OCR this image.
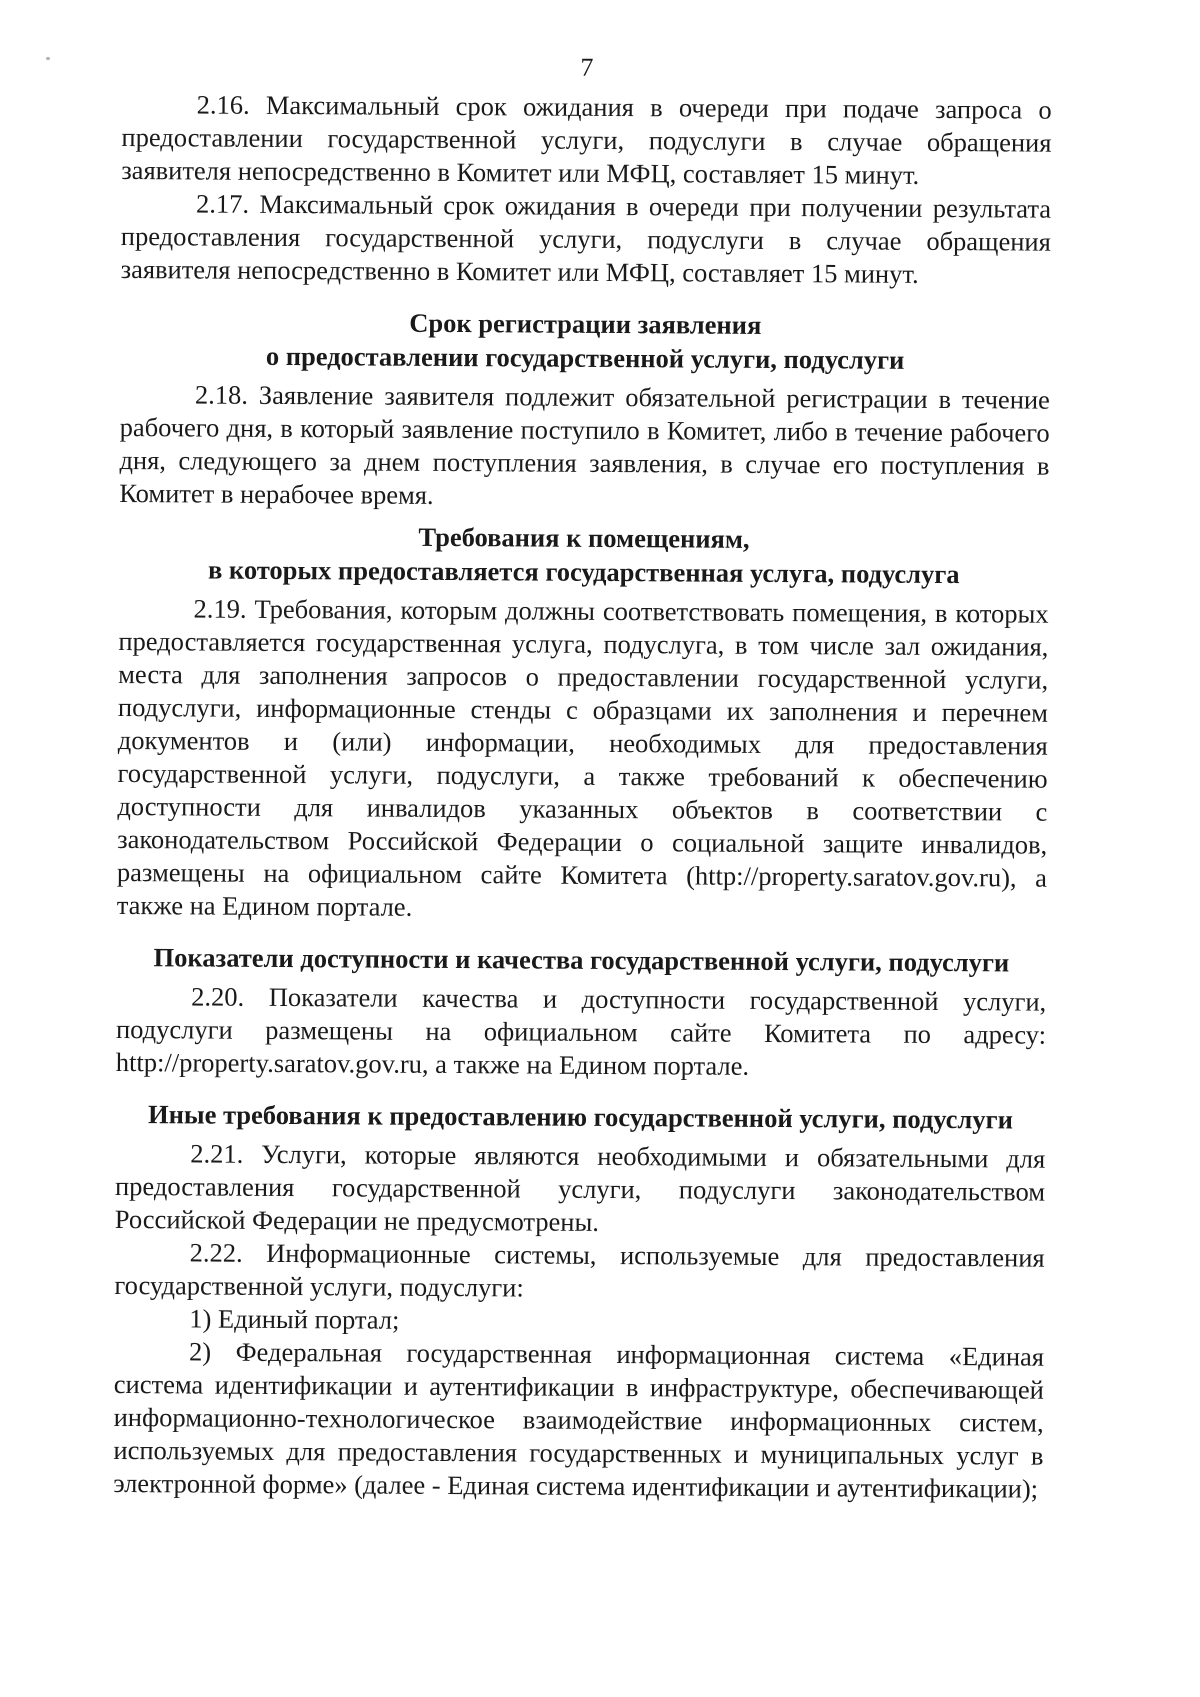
7

2.16. Максимальный срок ожидания в очереди при подаче запроса о предоставлении государственной услуги, подуслуги в случае обращения заявителя непосредственно в Комитет или МФЦ, составляет 15 минут.

2.17. Максимальный срок ожидания в очереди при получении результата предоставления государственной услуги, подуслуги в случае обращения заявителя непосредственно в Комитет или МФЦ, составляет 15 минут.

Срок регистрации заявления
о предоставлении государственной услуги, подуслуги

2.18. Заявление заявителя подлежит обязательной регистрации в течение рабочего дня, в который заявление поступило в Комитет, либо в течение рабочего дня, следующего за днем поступления заявления, в случае его поступления в Комитет в нерабочее время.

Требования к помещениям,
в которых предоставляется государственная услуга, подуслуга

2.19. Требования, которым должны соответствовать помещения, в которых предоставляется государственная услуга, подуслуга, в том числе зал ожидания, места для заполнения запросов о предоставлении государственной услуги, подуслуги, информационные стенды с образцами их заполнения и перечнем документов и (или) информации, необходимых для предоставления государственной услуги, подуслуги, а также требований к обеспечению доступности для инвалидов указанных объектов в соответствии с законодательством Российской Федерации о социальной защите инвалидов, размещены на официальном сайте Комитета (http://property.saratov.gov.ru), а также на Едином портале.

Показатели доступности и качества государственной услуги, подуслуги

2.20. Показатели качества и доступности государственной услуги, подуслуги размещены на официальном сайте Комитета по адресу: http://property.saratov.gov.ru, а также на Едином портале.

Иные требования к предоставлению государственной услуги, подуслуги

2.21. Услуги, которые являются необходимыми и обязательными для предоставления государственной услуги, подуслуги законодательством Российской Федерации не предусмотрены.

2.22. Информационные системы, используемые для предоставления государственной услуги, подуслуги:

1) Единый портал;

2) Федеральная государственная информационная система «Единая система идентификации и аутентификации в инфраструктуре, обеспечивающей информационно-технологическое взаимодействие информационных систем, используемых для предоставления государственных и муниципальных услуг в электронной форме» (далее - Единая система идентификации и аутентификации);
